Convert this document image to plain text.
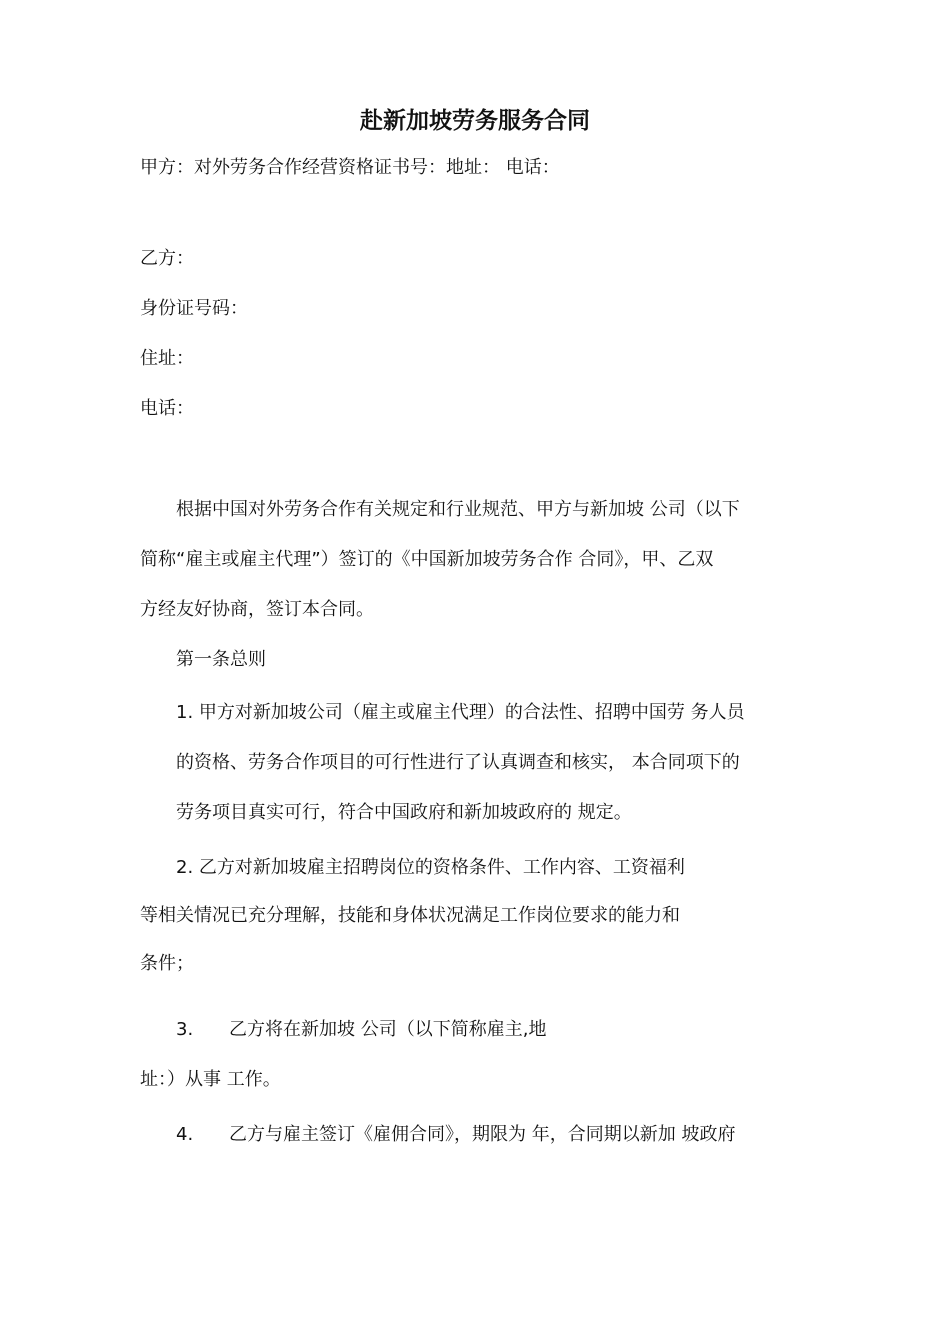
赴新加坡劳务服务合同
甲方：对外劳务合作经营资格证书号：地址： 电话：
乙方：
身份证号码：
住址：
电话：
根据中国对外劳务合作有关规定和行业规范、甲方与新加坡 公司（以下
简称“雇主或雇主代理”）签订的《中国新加坡劳务合作 合同》，甲、乙双
方经友好协商，签订本合同。
第一条总则
1. 甲方对新加坡公司（雇主或雇主代理）的合法性、招聘中国劳 务人员
的资格、劳务合作项目的可行性进行了认真调查和核实， 本合同项下的
劳务项目真实可行，符合中国政府和新加坡政府的 规定。
2. 乙方对新加坡雇主招聘岗位的资格条件、工作内容、工资福利
等相关情况已充分理解，技能和身体状况满足工作岗位要求的能力和
条件；
3. 乙方将在新加坡 公司（以下简称雇主,地
址：）从事 工作。
4. 乙方与雇主签订《雇佣合同》，期限为 年，合同期以新加 坡政府
